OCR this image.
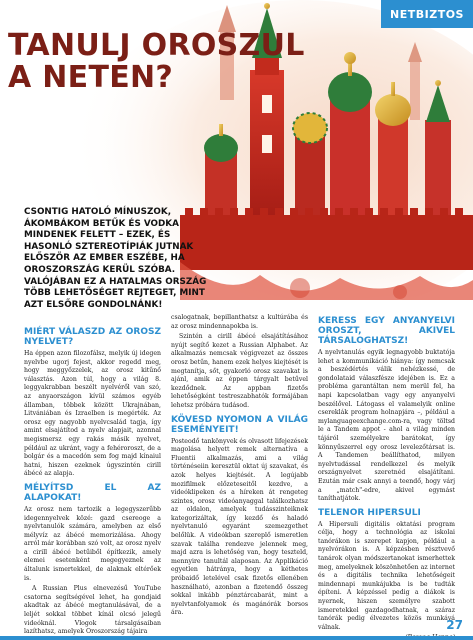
NETBIZTOS
TANULJ OROSZUL A NETEN?
CSONTIG HATOLÓ MÍNUSZOK, ÁKOMBÁKOM BETŰK ÉS VODKA MINDENEK FELETT – EZEK, ÉS HASONLÓ SZTEREOTÍPIÁK JUTNAK ELŐSZÖR AZ EMBER ESZÉBE, HA OROSZORSZÁG KERÜL SZÓBA. VALÓJÁBAN EZ A HATALMAS ORSZÁG TÖBB LEHETŐSÉGET REJTEGET, MINT AZT ELSŐRE GONDOLNÁNK!
MIÉRT VÁLASZD AZ OROSZ NYELVET?

Ha éppen azon filozofálsz, melyik új idegen nyelvbe ugorj fejest, akkor regedd meg, hogy meggyőzzelek, az orosz kitűnő választás. Azon túl, hogy a világ 8. leggyakrabban beszélt nyelvéről van szó, az anyaországon kívül számos egyéb államban, többek között Ukrajnában, Litvániában és Izraelben is megérték. Az orosz egy nagyobb nyelvcsalád tagja, így amint elsajátítod a nyelv alapjait, azonnal megismersz egy rakás másik nyelvet, például az ukránt, vagy a fehéroroszt, de a bolgár és a macedón sem fog majd kínaiul hatni, hiszen ezeknek úgyszintén cirill ábécé az alapja.

MÉLYÍTSD EL AZ ALAPOKAT!

Az orosz nem tartozik a legegyszerűbb idegennyelvek közé: gazd csereoge a nyelvtanulók számára, amelyben az első mélyvíz az ábécé memorizálása. Ahogy arról már korábban szó volt, az orosz nyelv a cirill ábécé betűiből építkezik, amely elemei esetenként megegyeznek az általunk ismertekkel, de alaknak eltérőek is.

A Russian Plus elnevezésű YouTube csatorna segítségével lehet, ha gondjaid akadtak az ábécé megtanulásával, de a leljét sokkal többet kínál olcsó jelegű videóknál. Vlogok társalgásaiban lazíthatsz, amelyek Oroszország tájaira

csalogatnak, bepillanthatsz a kultúrába és az orosz mindennapokba is.

Szintén a cirill ábécé elsajátításához nyújt segítő kezet a Russian Alphabet. Az alkalmazás nemcsak végigvezet az összes orosz betűn, hanem ezek helyes kiejtését is megtanítja, sőt, gyakorló orosz szavakat is ajánl, amik az éppen tárgyalt betűvel kezdődnek. Az appban fizetős lehetőségként testreszabhatók formájában lehetsz próbára tudásod.

KÖVESD NYOMON A VILÁG ESEMÉNYEIT!

Posteodő tankönyvek és olvasott lifejezések magolása helyett remek alternatíva a Fluentii alkalmazás, ami a világ történéseiin keresztül oktat új szavakat, és azok helyes kiejtését. A legújabb mozifilmek előzeteseitől kezdve, a videóklipeken és a híreken át rengeteg szintes, orosz videóanyaggal találkozhatsz az oldalon, amelyek tudásszinteiknek kategorizáltak, így kezdő és haladó nyelvtanuló egyaránt szemezgethet belőlük. A videókban szereplő ismeretlen szavak találha rendezve jelennek meg, majd azra is lehetőség van, hogy teszteld, mennyire tanultál alaposan. Az Applikáció egyetlen hátránya, hogy a kéthetes próbaidő letelével csak fizetős ellenében használható, azonban a fizetendő összeg sokkal inkább pénztárcabarát, mint a nyelvtanfolyamok és magánórák borsos ára.

KERESS EGY ANYANYELVI OROSZT, AKIVEL TÁRSALOGHATSZ!

A nyelvtanulás egyik legnagyobb buktatója lehet a kommunikáció hiánya: így nemcsak a beszédértés válik nehézkessé, de gondolataid válaszfésze idejében is. Ez a probléma garantáltan nem merül fel, ha napi kapcsolatban vagy egy anyanyelvi beszélővel. Látogass el valamelyik online csereklák program holnapjára –, például a mylanguageexchange.com-ra, vagy töltsd le a Tandem appot - ahol a világ minden tájáról személyekre barátokat, így könnyűszerrel egy orosz levelezőtársat is. A Tandemen beállíthatod, milyen nyelvtudással rendelkezel és melyik országnyelvet szeretnéd elsajátítani. Ezután már csak annyi a teendő, hogy várj a „match"-edre, akivel egymást taníthatjátok.

TELENOR HIPERSULI

A Hipersuli digitális oktatási program célja, hogy a technológia az iskolai tanórákon is szerepet kapjon, például a nyelvórákon is. A képzésben résztvevő tanárok olyan módszertanokat ismerhettek meg, amelyeknek köszönhetően az internet és a digitális technika lehetőségeit mindennapi munkájukba is be tudták építeni. A képzéssel pedig a diákok is nyernek, hiszen személyre szabott ismeretekkel gazdagodhatnak, a száraz tanórák pedig élvezetes közös munkává válnak.	27
